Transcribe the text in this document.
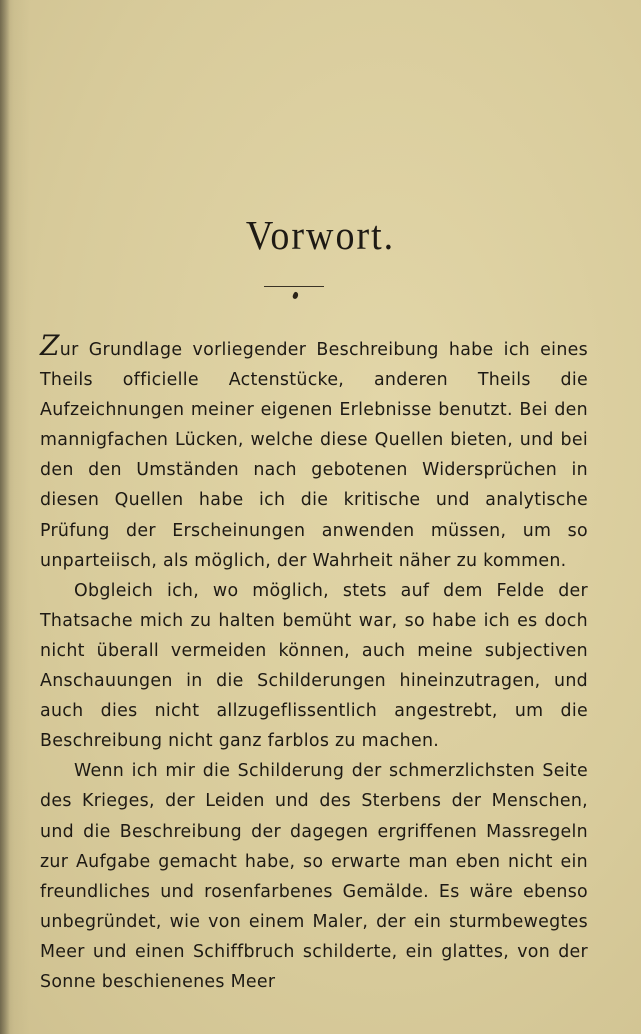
Vorwort.

Zur Grundlage vorliegender Beschreibung habe ich eines Theils officielle Actenstücke, anderen Theils die Aufzeichnungen meiner eigenen Erlebnisse benutzt. Bei den mannigfachen Lücken, welche diese Quellen bieten, und bei den den Umständen nach gebotenen Widersprüchen in diesen Quellen habe ich die kritische und analytische Prüfung der Erscheinungen anwenden müssen, um so unparteiisch, als möglich, der Wahrheit näher zu kommen.

Obgleich ich, wo möglich, stets auf dem Felde der Thatsache mich zu halten bemüht war, so habe ich es doch nicht überall vermeiden können, auch meine subjectiven Anschauungen in die Schilderungen hineinzutragen, und auch dies nicht allzugeflissentlich angestrebt, um die Beschreibung nicht ganz farblos zu machen.

Wenn ich mir die Schilderung der schmerzlichsten Seite des Krieges, der Leiden und des Sterbens der Menschen, und die Beschreibung der dagegen ergriffenen Massregeln zur Aufgabe gemacht habe, so erwarte man eben nicht ein freundliches und rosenfarbenes Gemälde. Es wäre ebenso unbegründet, wie von einem Maler, der ein sturmbewegtes Meer und einen Schiffbruch schilderte, ein glattes, von der Sonne beschienenes Meer
